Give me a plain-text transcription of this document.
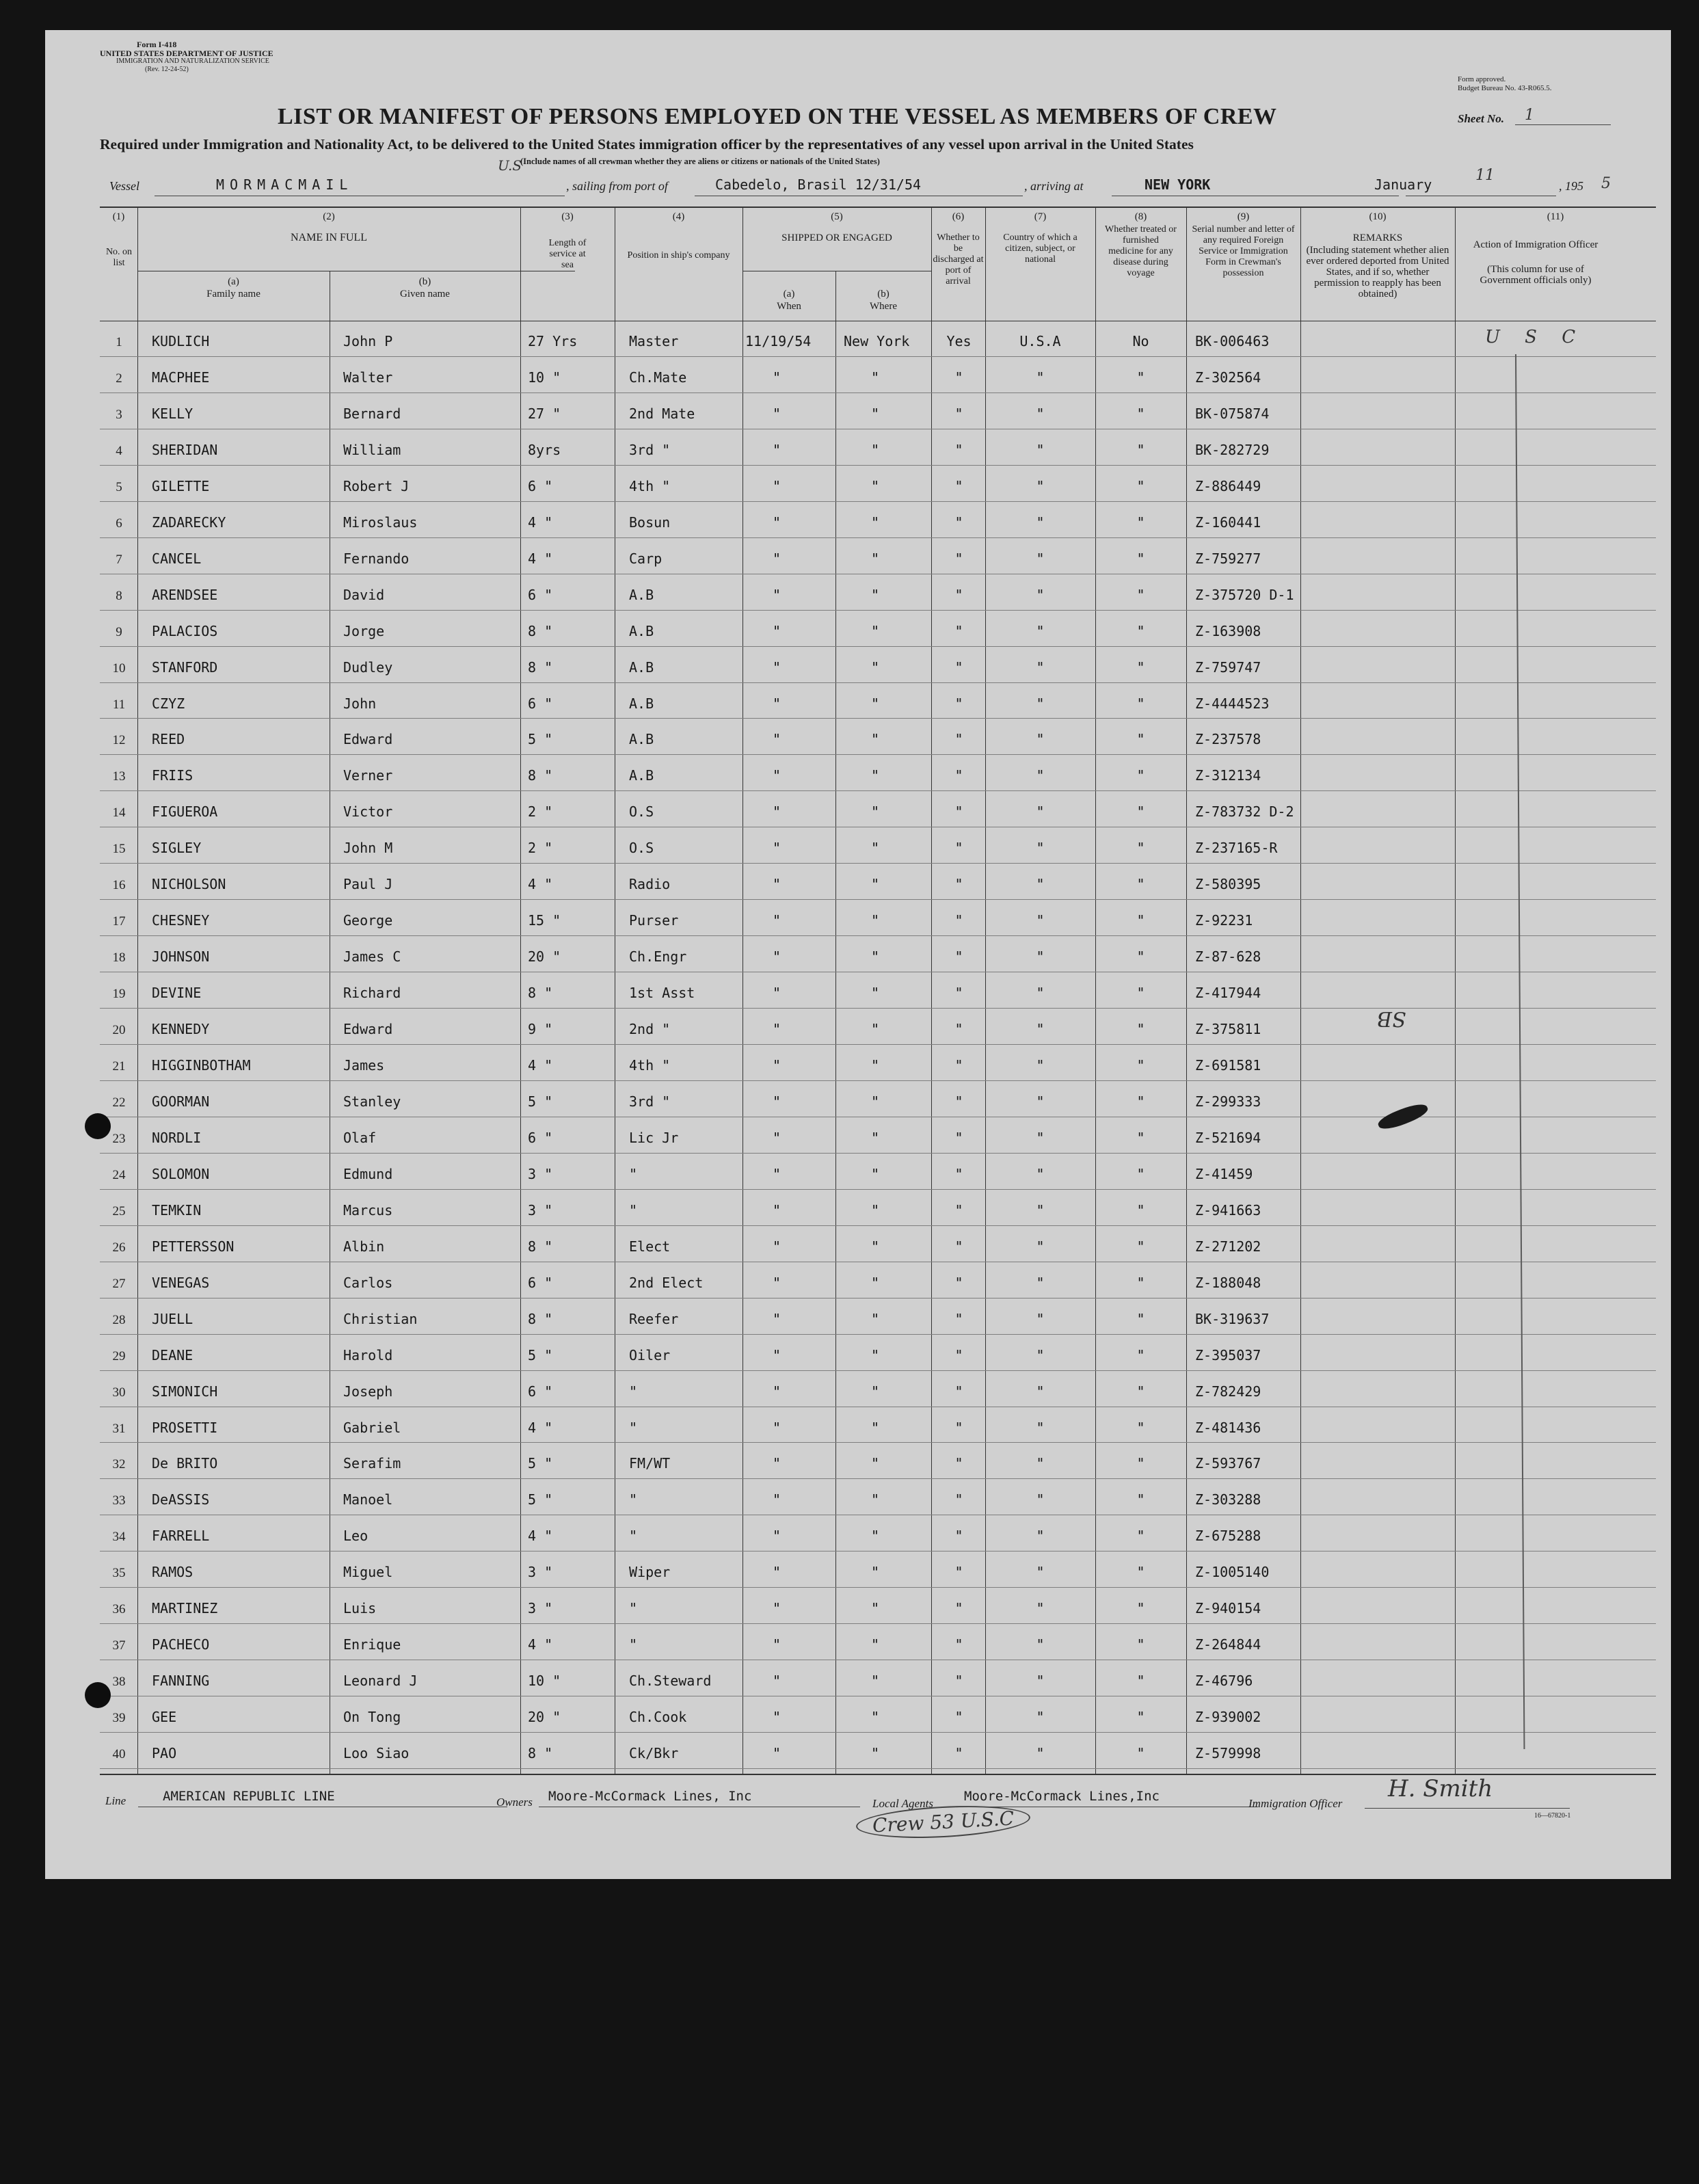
Form I-418
UNITED STATES DEPARTMENT OF JUSTICE
IMMIGRATION AND NATURALIZATION SERVICE
(Rev. 12-24-52)
Form approved.
Budget Bureau No. 43-R065.5.
LIST OR MANIFEST OF PERSONS EMPLOYED ON THE VESSEL AS MEMBERS OF CREW	Sheet No. 1
Required under Immigration and Nationality Act, to be delivered to the United States immigration officer by the representatives of any vessel upon arrival in the United States
(Include names of all crewman whether they are aliens or citizens or nationals of the United States)
Vessel	MORMACMAIL
U.S
, sailing from port of	Cabedelo, Brasil 12/31/54	, arriving at	NEW YORK	January
11
, 195 5
(1)
No. on list
(2)
NAME IN FULL
(a)
Family name
(b)
Given name
(3)
Length of service at sea
(4)
Position in ship's company
(5)
SHIPPED OR ENGAGED
(a)
When
(b)
Where
(6)
Whether to be discharged at port of arrival
(7)
Country of which a citizen, subject, or national
(8)
Whether treated or furnished medicine for any disease during voyage
(9)
Serial number and letter of any required Foreign Service or Immigration Form in Crewman's possession
(10)
REMARKS
(Including statement whether alien ever ordered deported from United States, and if so, whether permission to reapply has been obtained)
(11)
Action of Immigration Officer
(This column for use of Government officials only)
1	KUDLICH	John P	27 Yrs	Master	11/19/54 New York	Yes	U.S.A	No	BK-006463
2	MACPHEE	Walter	10 "	Ch.Mate	"	"	"	"	"	Z-302564
3	KELLY	Bernard	27 "	2nd Mate	"	"	"	"	"	BK-075874
4	SHERIDAN	William	8yrs	3rd "	"	"	"	"	"	BK-282729
5	GILETTE	Robert J	6 "	4th "	"	"	"	"	"	Z-886449
6	ZADARECKY	Miroslaus	4 "	Bosun	"	"	"	"	"	Z-160441
7	CANCEL	Fernando	4 "	Carp	"	"	"	"	"	Z-759277
8	ARENDSEE	David	6 "	A.B	"	"	"	"	"	Z-375720 D-1
9	PALACIOS	Jorge	8 "	A.B	"	"	"	"	"	Z-163908
10	STANFORD	Dudley	8 "	A.B	"	"	"	"	"	Z-759747
11	CZYZ	John	6 "	A.B	"	"	"	"	"	Z-4444523
12	REED	Edward	5 "	A.B	"	"	"	"	"	Z-237578
13	FRIIS	Verner	8 "	A.B	"	"	"	"	"	Z-312134
14	FIGUEROA	Victor	2 "	O.S	"	"	"	"	"	Z-783732 D-2
15	SIGLEY	John M	2 "	O.S	"	"	"	"	"	Z-237165-R
16	NICHOLSON	Paul J	4 "	Radio	"	"	"	"	"	Z-580395
17	CHESNEY	George	15 "	Purser	"	"	"	"	"	Z-92231
18	JOHNSON	James C	20 "	Ch.Engr	"	"	"	"	"	Z-87-628
19	DEVINE	Richard	8 "	1st Asst	"	"	"	"	"	Z-417944
20	KENNEDY	Edward	9 "	2nd "	"	"	"	"	"	Z-375811
21	HIGGINBOTHAM	James	4 "	4th "	"	"	"	"	"	Z-691581
22	GOORMAN	Stanley	5 "	3rd "	"	"	"	"	"	Z-299333
23	NORDLI	Olaf	6 "	Lic Jr	"	"	"	"	"	Z-521694
24	SOLOMON	Edmund	3 "	"	"	"	"	"	"	Z-41459
25	TEMKIN	Marcus	3 "	"	"	"	"	"	"	Z-941663
26	PETTERSSON	Albin	8 "	Elect	"	"	"	"	"	Z-271202
27	VENEGAS	Carlos	6 "	2nd Elect	"	"	"	"	"	Z-188048
28	JUELL	Christian	8 "	Reefer	"	"	"	"	"	BK-319637
29	DEANE	Harold	5 "	Oiler	"	"	"	"	"	Z-395037
30	SIMONICH	Joseph	6 "	"	"	"	"	"	"	Z-782429
31	PROSETTI	Gabriel	4 "	"	"	"	"	"	"	Z-481436
32	De BRITO	Serafim	5 "	FM/WT	"	"	"	"	"	Z-593767
33	DeASSIS	Manoel	5 "	"	"	"	"	"	"	Z-303288
34	FARRELL	Leo	4 "	"	"	"	"	"	"	Z-675288
35	RAMOS	Miguel	3 "	Wiper	"	"	"	"	"	Z-1005140
36	MARTINEZ	Luis	3 "	"	"	"	"	"	"	Z-940154
37	PACHECO	Enrique	4 "	"	"	"	"	"	"	Z-264844
38	FANNING	Leonard J	10 "	Ch.Steward	"	"	"	"	"	Z-46796
39	GEE	On Tong	20 "	Ch.Cook	"	"	"	"	"	Z-939002
40	PAO	Loo Siao	8 "	Ck/Bkr	"	"	"	"	"	Z-579998
U S C
SB
Line	AMERICAN REPUBLIC LINE	Owners Moore-McCormack Lines, Inc	Local Agents Moore-McCormack Lines,Inc	Immigration Officer
H. Smith
16—67820-1
Crew 53 U.S.C
